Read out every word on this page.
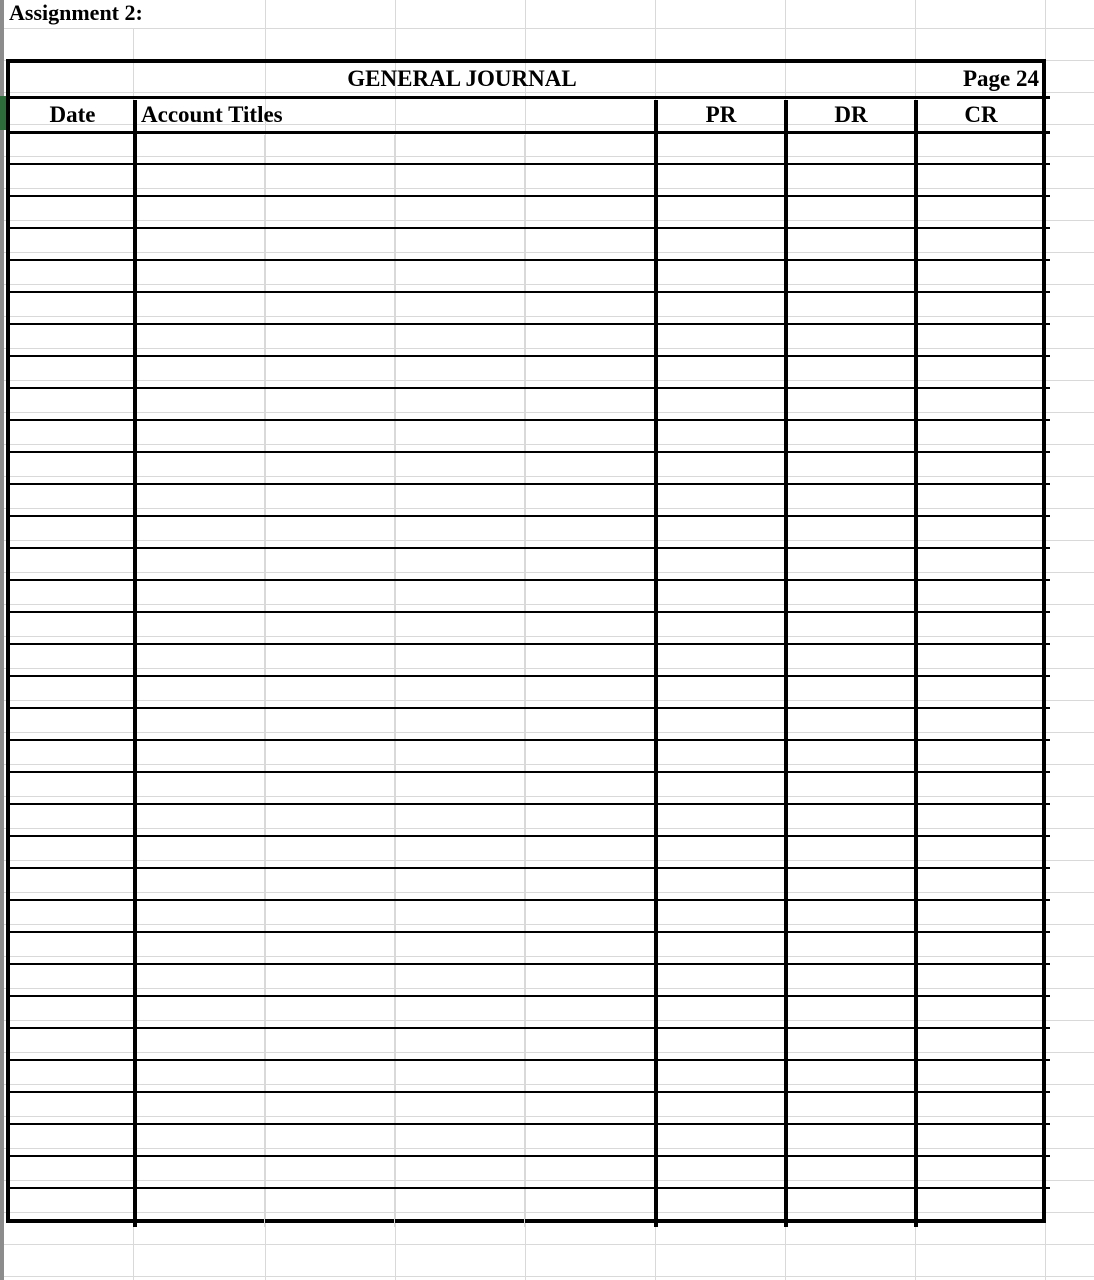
Assignment 2:
GENERAL JOURNAL	Page 24
Date	Account Titles	PR	DR	CR
